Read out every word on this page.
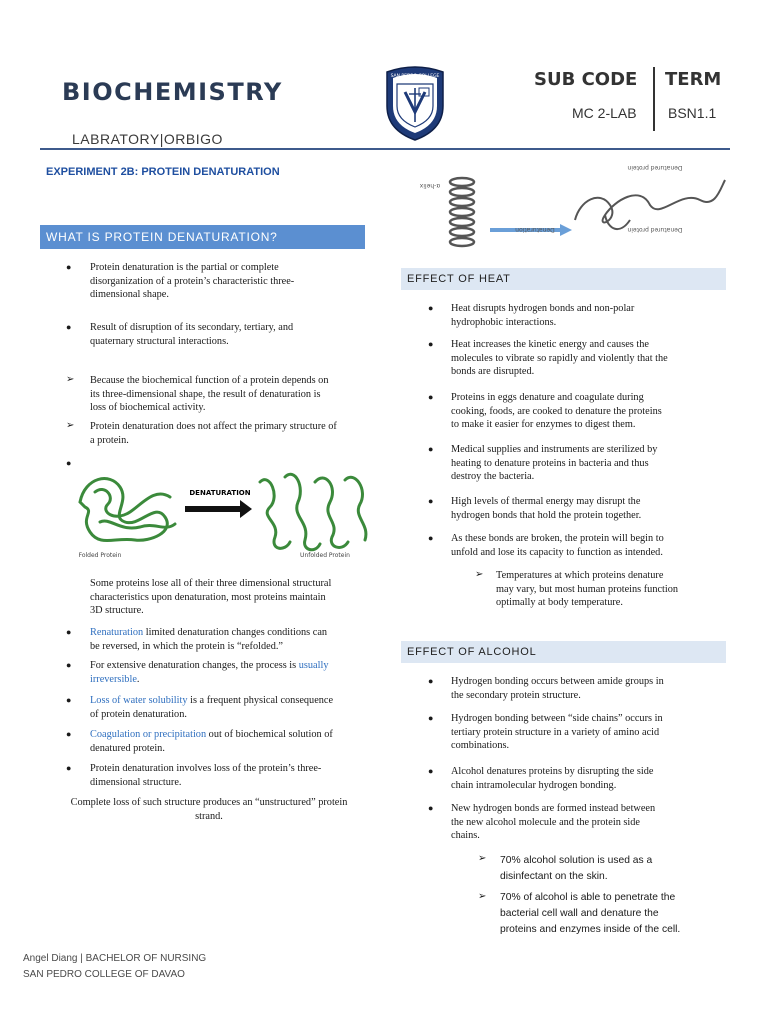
BIOCHEMISTRY
LABRATORY|ORBIGO
SAN PEDRO COLLEGE	SUB CODE TERM
MC 2-LAB BSN1.1
EXPERIMENT 2B: PROTEIN DENATURATION
WHAT IS PROTEIN DENATURATION?
● Protein denaturation is the partial or complete
disorganization of a protein’s characteristic three-
dimensional shape.
● Result of disruption of its secondary, tertiary, and
quaternary structural interactions.
➢ Because the biochemical function of a protein depends on
its three-dimensional shape, the result of denaturation is
loss of biochemical activity.
➢ Protein denaturation does not affect the primary structure of
a protein.
●
DENATURATION
Folded Protein	Unfolded Protein
Some proteins lose all of their three dimensional structural
characteristics upon denaturation, most proteins maintain
3D structure.
● Renaturation limited denaturation changes conditions can
be reversed, in which the protein is “refolded.”
● For extensive denaturation changes, the process is usually
irreversible.
● Loss of water solubility is a frequent physical consequence
of protein denaturation.
● Coagulation or precipitation out of biochemical solution of
denatured protein.
● Protein denaturation involves loss of the protein’s three-
dimensional structure.
Complete loss of such structure produces an “unstructured” protein
strand.
α-helix
Denaturation	Denatured protein
Denatured protein
EFFECT OF HEAT
● Heat disrupts hydrogen bonds and non-polar
hydrophobic interactions.
● Heat increases the kinetic energy and causes the
molecules to vibrate so rapidly and violently that the
bonds are disrupted.
● Proteins in eggs denature and coagulate during
cooking, foods, are cooked to denature the proteins
to make it easier for enzymes to digest them.
● Medical supplies and instruments are sterilized by
heating to denature proteins in bacteria and thus
destroy the bacteria.
● High levels of thermal energy may disrupt the
hydrogen bonds that hold the protein together.
● As these bonds are broken, the protein will begin to
unfold and lose its capacity to function as intended.
➢ Temperatures at which proteins denature
may vary, but most human proteins function
optimally at body temperature.
EFFECT OF ALCOHOL
● Hydrogen bonding occurs between amide groups in
the secondary protein structure.
● Hydrogen bonding between “side chains” occurs in
tertiary protein structure in a variety of amino acid
combinations.
● Alcohol denatures proteins by disrupting the side
chain intramolecular hydrogen bonding.
● New hydrogen bonds are formed instead between
the new alcohol molecule and the protein side
chains.
➢ 70% alcohol solution is used as a
disinfectant on the skin.
➢ 70% of alcohol is able to penetrate the
bacterial cell wall and denature the
proteins and enzymes inside of the cell.
Angel Diang | BACHELOR OF NURSING
SAN PEDRO COLLEGE OF DAVAO
